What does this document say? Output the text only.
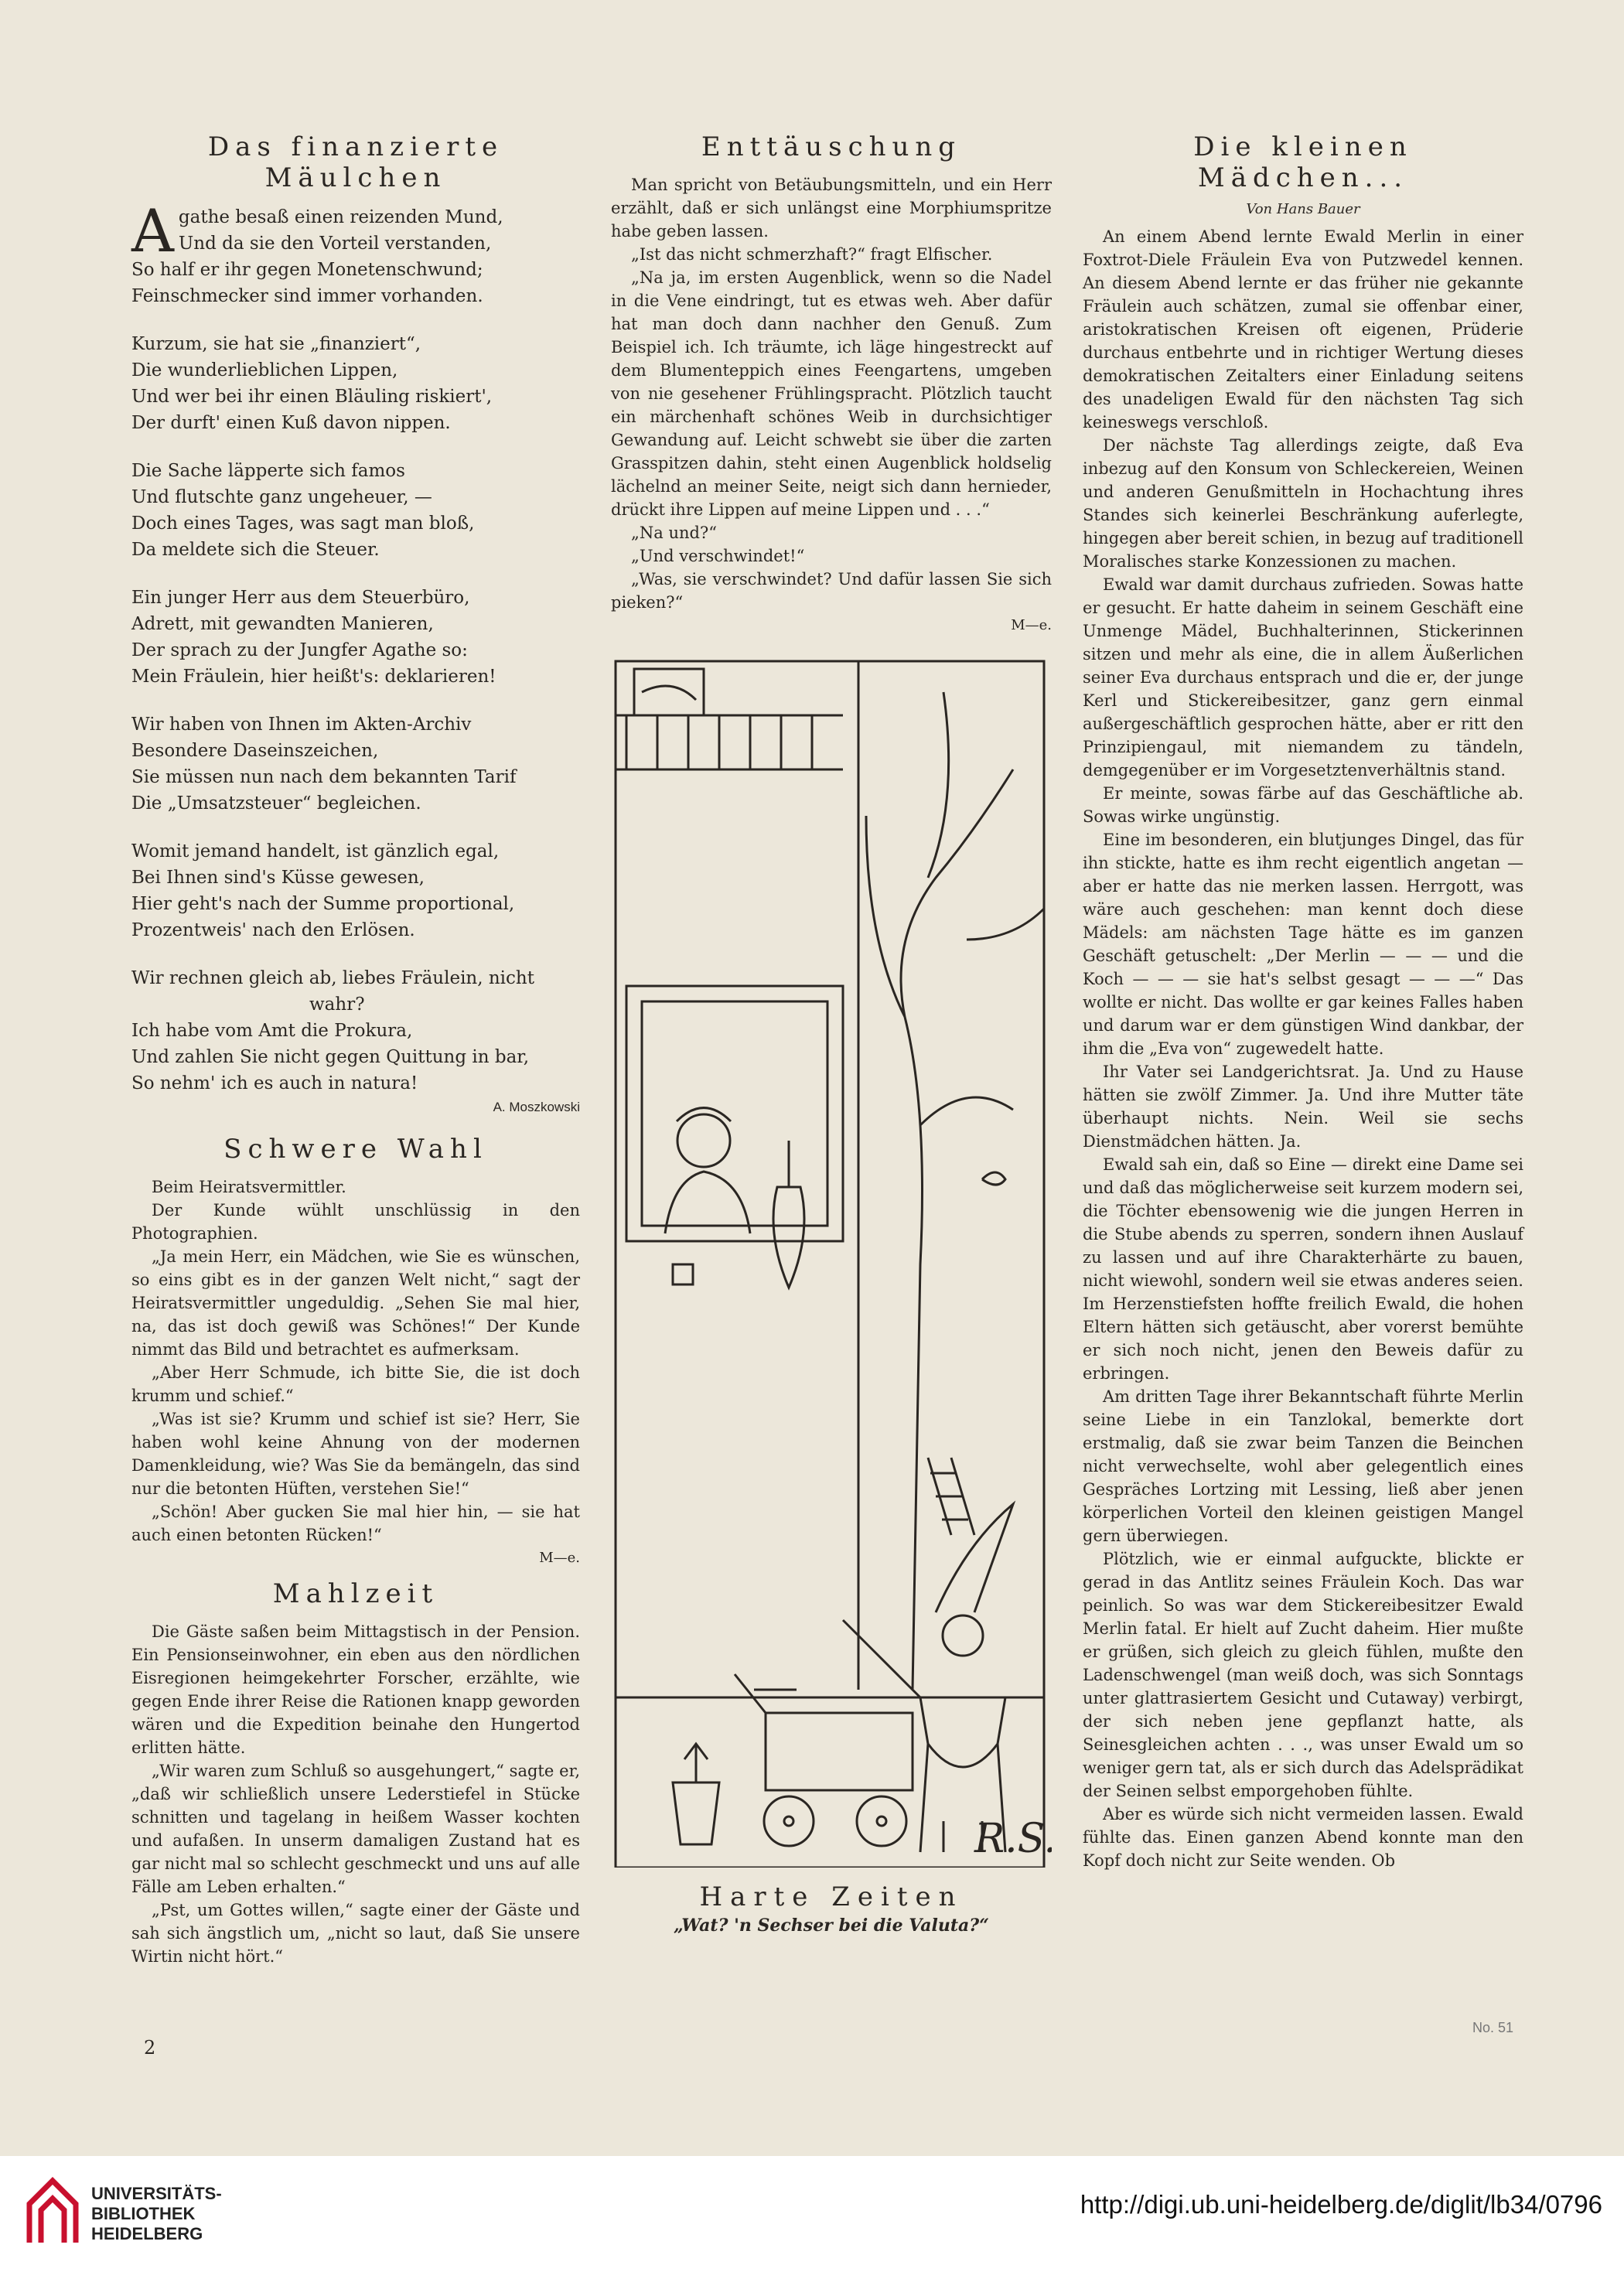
Das finanzierte Mäulchen
A gathe besaß einen reizenden Mund,
Und da sie den Vorteil verstanden,
So half er ihr gegen Monetenschwund;
Feinschmecker sind immer vorhanden.
Kurzum, sie hat sie „finanziert“,
Die wunderlieblichen Lippen,
Und wer bei ihr einen Bläuling riskiert',
Der durft' einen Kuß davon nippen.
Die Sache läpperte sich famos
Und flutschte ganz ungeheuer, —
Doch eines Tages, was sagt man bloß,
Da meldete sich die Steuer.
Ein junger Herr aus dem Steuerbüro,
Adrett, mit gewandten Manieren,
Der sprach zu der Jungfer Agathe so:
Mein Fräulein, hier heißt's: deklarieren!
Wir haben von Ihnen im Akten-Archiv
Besondere Daseinszeichen,
Sie müssen nun nach dem bekannten Tarif
Die „Umsatzsteuer“ begleichen.
Womit jemand handelt, ist gänzlich egal,
Bei Ihnen sind's Küsse gewesen,
Hier geht's nach der Summe proportional,
Prozentweis' nach den Erlösen.
Wir rechnen gleich ab, liebes Fräulein, nicht
wahr?
Ich habe vom Amt die Prokura,
Und zahlen Sie nicht gegen Quittung in bar,
So nehm' ich es auch in natura!
A. Moszkowski
Schwere Wahl

Beim Heiratsvermittler.

Der Kunde wühlt unschlüssig in den Photographien.

„Ja mein Herr, ein Mädchen, wie Sie es wünschen, so eins gibt es in der ganzen Welt nicht,“ sagt der Heiratsvermittler ungeduldig. „Sehen Sie mal hier, na, das ist doch gewiß was Schönes!“ Der Kunde nimmt das Bild und betrachtet es aufmerksam.

„Aber Herr Schmude, ich bitte Sie, die ist doch krumm und schief.“

„Was ist sie? Krumm und schief ist sie? Herr, Sie haben wohl keine Ahnung von der modernen Damenkleidung, wie? Was Sie da bemängeln, das sind nur die betonten Hüften, verstehen Sie!“

„Schön! Aber gucken Sie mal hier hin, — sie hat auch einen betonten Rücken!“

M—e.
Mahlzeit

Die Gäste saßen beim Mittagstisch in der Pension. Ein Pensionseinwohner, ein eben aus den nördlichen Eisregionen heimgekehrter Forscher, erzählte, wie gegen Ende ihrer Reise die Rationen knapp geworden wären und die Expedition beinahe den Hungertod erlitten hätte.

„Wir waren zum Schluß so ausgehungert,“ sagte er, „daß wir schließlich unsere Lederstiefel in Stücke schnitten und tagelang in heißem Wasser kochten und aufaßen. In unserm damaligen Zustand hat es gar nicht mal so schlecht geschmeckt und uns auf alle Fälle am Leben erhalten.“

„Pst, um Gottes willen,“ sagte einer der Gäste und sah sich ängstlich um, „nicht so laut, daß Sie unsere Wirtin nicht hört.“

Enttäuschung

Man spricht von Betäubungsmitteln, und ein Herr erzählt, daß er sich unlängst eine Morphiumspritze habe geben lassen.

„Ist das nicht schmerzhaft?“ fragt Elfischer.

„Na ja, im ersten Augenblick, wenn so die Nadel in die Vene eindringt, tut es etwas weh. Aber dafür hat man doch dann nachher den Genuß. Zum Beispiel ich. Ich träumte, ich läge hingestreckt auf dem Blumenteppich eines Feengartens, umgeben von nie gesehener Frühlingspracht. Plötzlich taucht ein märchenhaft schönes Weib in durchsichtiger Gewandung auf. Leicht schwebt sie über die zarten Grasspitzen dahin, steht einen Augenblick holdselig lächelnd an meiner Seite, neigt sich dann hernieder, drückt ihre Lippen auf meine Lippen und . . .“

„Na und?“

„Und verschwindet!“

„Was, sie verschwindet? Und dafür lassen Sie sich pieken?“

M—e.
R.S.
Harte Zeiten
„Wat? 'n Sechser bei die Valuta?“
Die kleinen Mädchen...
Von Hans Bauer

An einem Abend lernte Ewald Merlin in einer Foxtrot-Diele Fräulein Eva von Putzwedel kennen. An diesem Abend lernte er das früher nie gekannte Fräulein auch schätzen, zumal sie offenbar einer, aristokratischen Kreisen oft eigenen, Prüderie durchaus entbehrte und in richtiger Wertung dieses demokratischen Zeitalters einer Einladung seitens des unadeligen Ewald für den nächsten Tag sich keineswegs verschloß.

Der nächste Tag allerdings zeigte, daß Eva inbezug auf den Konsum von Schleckereien, Weinen und anderen Genußmitteln in Hochachtung ihres Standes sich keinerlei Beschränkung auferlegte, hingegen aber bereit schien, in bezug auf traditionell Moralisches starke Konzessionen zu machen.

Ewald war damit durchaus zufrieden. Sowas hatte er gesucht. Er hatte daheim in seinem Geschäft eine Unmenge Mädel, Buchhalterinnen, Stickerinnen sitzen und mehr als eine, die in allem Äußerlichen seiner Eva durchaus entsprach und die er, der junge Kerl und Stickereibesitzer, ganz gern einmal außergeschäftlich gesprochen hätte, aber er ritt den Prinzipiengaul, mit niemandem zu tändeln, demgegenüber er im Vorgesetztenverhältnis stand.

Er meinte, sowas färbe auf das Geschäftliche ab. Sowas wirke ungünstig.

Eine im besonderen, ein blutjunges Dingel, das für ihn stickte, hatte es ihm recht eigentlich angetan — aber er hatte das nie merken lassen. Herrgott, was wäre auch geschehen: man kennt doch diese Mädels: am nächsten Tage hätte es im ganzen Geschäft getuschelt: „Der Merlin — — — und die Koch — — — sie hat's selbst gesagt — — —“ Das wollte er nicht. Das wollte er gar keines Falles haben und darum war er dem günstigen Wind dankbar, der ihm die „Eva von“ zugewedelt hatte.

Ihr Vater sei Landgerichtsrat. Ja. Und zu Hause hätten sie zwölf Zimmer. Ja. Und ihre Mutter täte überhaupt nichts. Nein. Weil sie sechs Dienstmädchen hätten. Ja.

Ewald sah ein, daß so Eine — direkt eine Dame sei und daß das möglicherweise seit kurzem modern sei, die Töchter ebensowenig wie die jungen Herren in die Stube abends zu sperren, sondern ihnen Auslauf zu lassen und auf ihre Charakterhärte zu bauen, nicht wiewohl, sondern weil sie etwas anderes seien. Im Herzenstiefsten hoffte freilich Ewald, die hohen Eltern hätten sich getäuscht, aber vorerst bemühte er sich noch nicht, jenen den Beweis dafür zu erbringen.

Am dritten Tage ihrer Bekanntschaft führte Merlin seine Liebe in ein Tanzlokal, bemerkte dort erstmalig, daß sie zwar beim Tanzen die Beinchen nicht verwechselte, wohl aber gelegentlich eines Gespräches Lortzing mit Lessing, ließ aber jenen körperlichen Vorteil den kleinen geistigen Mangel gern überwiegen.

Plötzlich, wie er einmal aufguckte, blickte er gerad in das Antlitz seines Fräulein Koch. Das war peinlich. So was war dem Stickereibesitzer Ewald Merlin fatal. Er hielt auf Zucht daheim. Hier mußte er grüßen, sich gleich zu gleich fühlen, mußte den Ladenschwengel (man weiß doch, was sich Sonntags unter glattrasiertem Gesicht und Cutaway) verbirgt, der sich neben jene gepflanzt hatte, als Seinesgleichen achten . . ., was unser Ewald um so weniger gern tat, als er sich durch das Adelsprädikat der Seinen selbst emporgehoben fühlte.

Aber es würde sich nicht vermeiden lassen. Ewald fühlte das. Einen ganzen Abend konnte man den Kopf doch nicht zur Seite wenden. Ob

2
No. 51
UNIVERSITÄTS-
BIBLIOTHEK
HEIDELBERG
http://digi.ub.uni-heidelberg.de/diglit/lb34/0796
